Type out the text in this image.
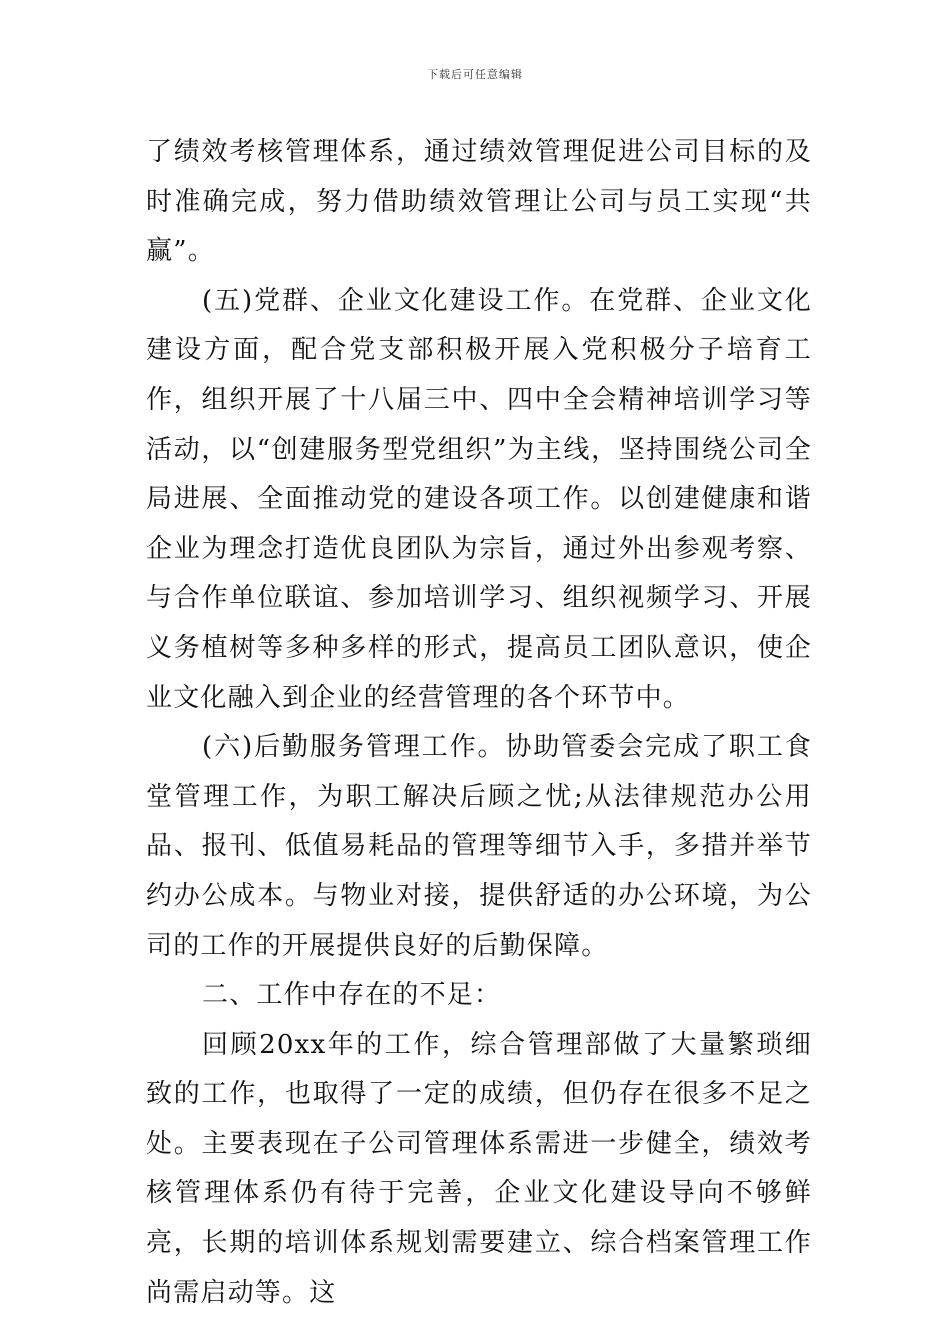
下载后可任意编辑

了绩效考核管理体系，通过绩效管理促进公司目标的及时准确完成，努力借助绩效管理让公司与员工实现“共赢”。

(五)党群、企业文化建设工作。在党群、企业文化建设方面，配合党支部积极开展入党积极分子培育工作，组织开展了十八届三中、四中全会精神培训学习等活动，以“创建服务型党组织”为主线，坚持围绕公司全局进展、全面推动党的建设各项工作。以创建健康和谐企业为理念打造优良团队为宗旨，通过外出参观考察、与合作单位联谊、参加培训学习、组织视频学习、开展义务植树等多种多样的形式，提高员工团队意识，使企业文化融入到企业的经营管理的各个环节中。

(六)后勤服务管理工作。协助管委会完成了职工食堂管理工作，为职工解决后顾之忧;从法律规范办公用品、报刊、低值易耗品的管理等细节入手，多措并举节约办公成本。与物业对接，提供舒适的办公环境，为公司的工作的开展提供良好的后勤保障。

二、工作中存在的不足：

回顾20xx年的工作，综合管理部做了大量繁琐细致的工作，也取得了一定的成绩，但仍存在很多不足之处。主要表现在子公司管理体系需进一步健全，绩效考核管理体系仍有待于完善，企业文化建设导向不够鲜亮，长期的培训体系规划需要建立、综合档案管理工作尚需启动等。这
